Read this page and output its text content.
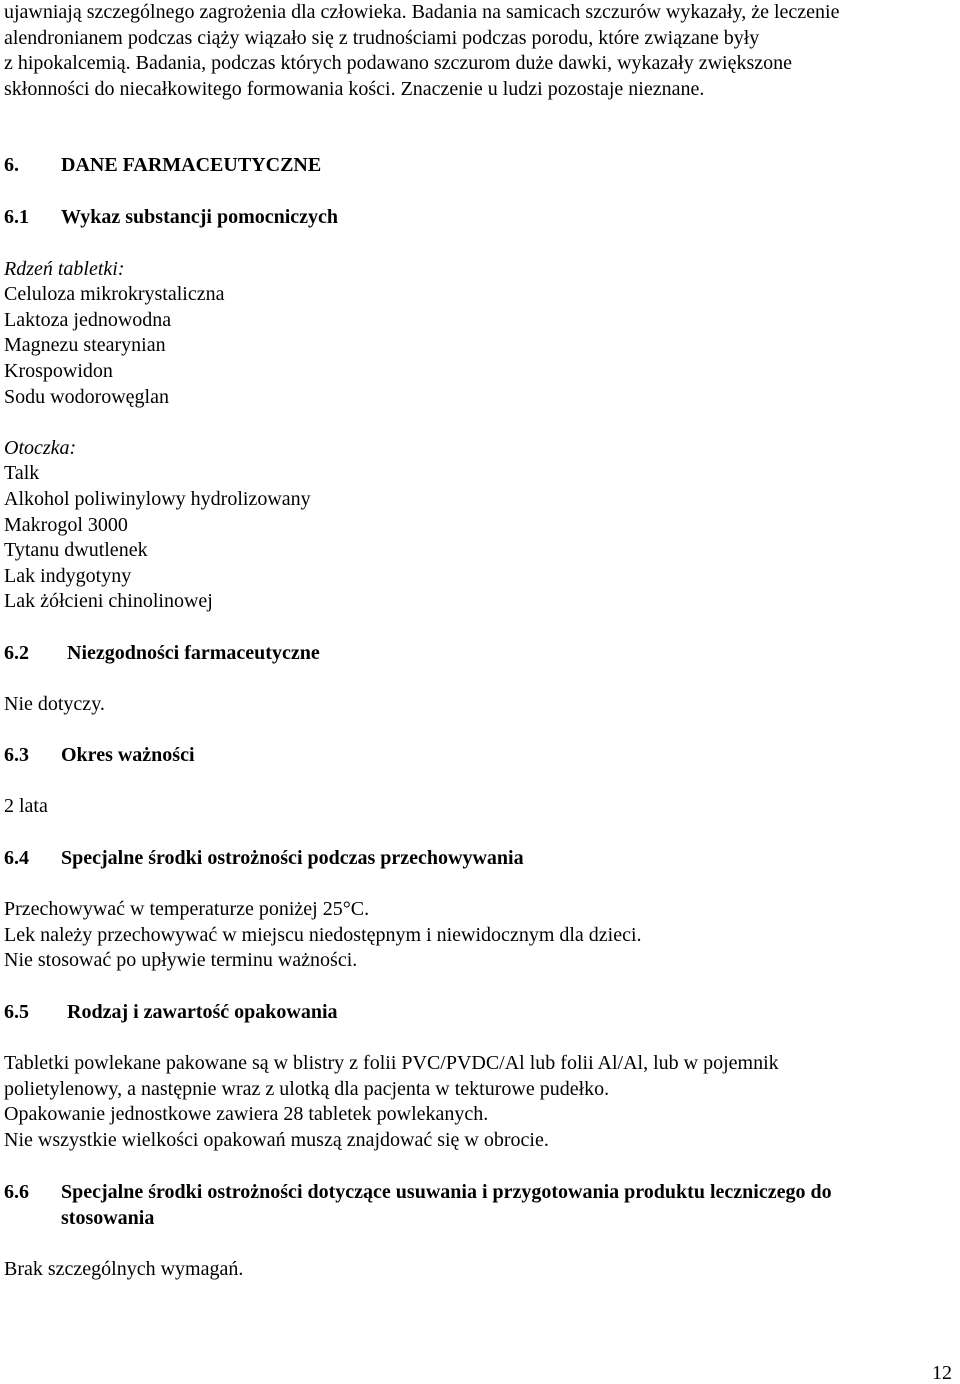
ujawniają szczególnego zagrożenia dla człowieka. Badania na samicach szczurów wykazały, że leczenie
alendronianem podczas ciąży wiązało się z trudnościami podczas porodu, które związane były
z hipokalcemią. Badania, podczas których podawano szczurom duże dawki, wykazały zwiększone
skłonności do niecałkowitego formowania kości. Znaczenie u ludzi pozostaje nieznane.
6. DANE FARMACEUTYCZNE
6.1 Wykaz substancji pomocniczych
Rdzeń tabletki:
Celuloza mikrokrystaliczna
Laktoza jednowodna
Magnezu stearynian
Krospowidon
Sodu wodorowęglan
Otoczka:
Talk
Alkohol poliwinylowy hydrolizowany
Makrogol 3000
Tytanu dwutlenek
Lak indygotyny
Lak żółcieni chinolinowej
6.2 Niezgodności farmaceutyczne
Nie dotyczy.
6.3 Okres ważności
2 lata
6.4 Specjalne środki ostrożności podczas przechowywania
Przechowywać w temperaturze poniżej 25°C.
Lek należy przechowywać w miejscu niedostępnym i niewidocznym dla dzieci.
Nie stosować po upływie terminu ważności.
6.5 Rodzaj i zawartość opakowania
Tabletki powlekane pakowane są w blistry z folii PVC/PVDC/Al lub folii Al/Al, lub w pojemnik
polietylenowy, a następnie wraz z ulotką dla pacjenta w tekturowe pudełko.
Opakowanie jednostkowe zawiera 28 tabletek powlekanych.
Nie wszystkie wielkości opakowań muszą znajdować się w obrocie.
6.6 Specjalne środki ostrożności dotyczące usuwania i przygotowania produktu leczniczego do
stosowania
Brak szczególnych wymagań.
12
